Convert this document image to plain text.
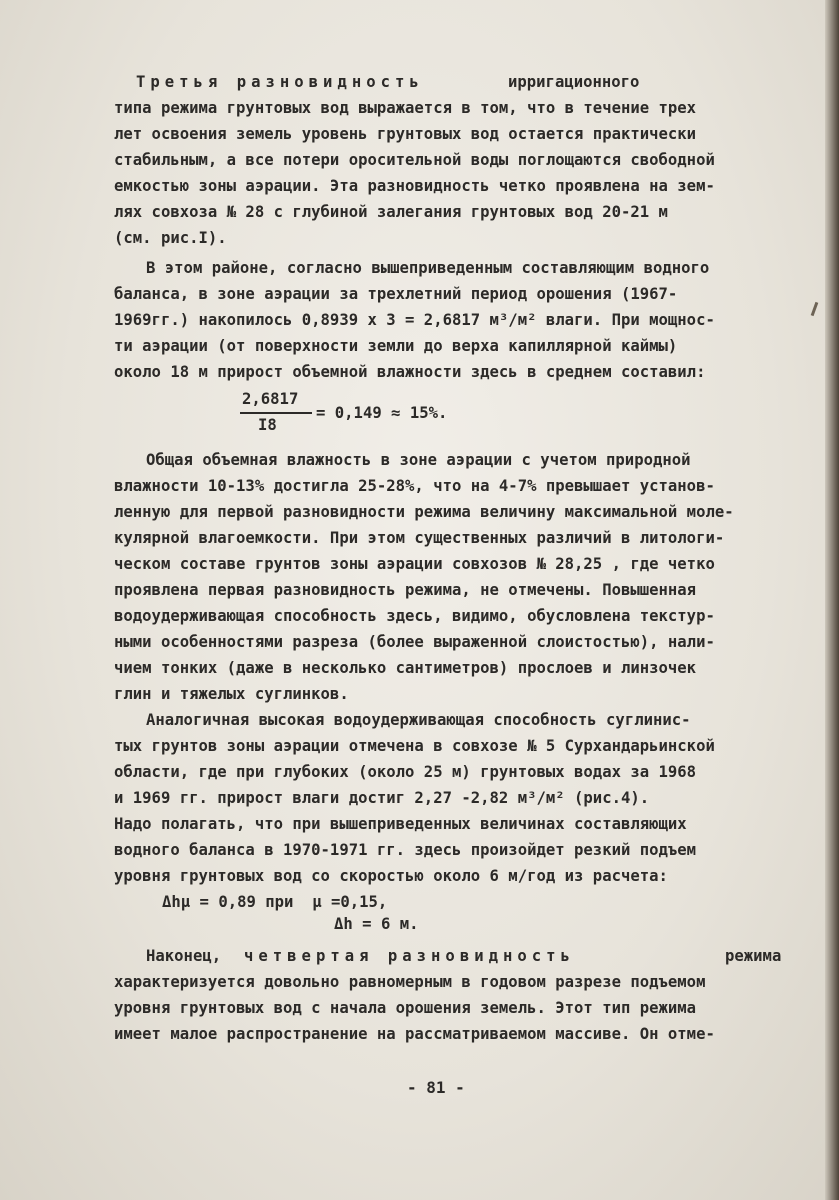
Третья разновидность	ирригационного
типа режима грунтовых вод выражается в том, что в течение трех
лет освоения земель уровень грунтовых вод остается практически
стабильным, а все потери оросительной воды поглощаются свободной
емкостью зоны аэрации. Эта разновидность четко проявлена на зем-
лях совхоза № 28 с глубиной залегания грунтовых вод 20-21 м
(см. рис.I).
В этом районе, согласно вышеприведенным составляющим водного
баланса, в зоне аэрации за трехлетний период орошения (1967-
1969гг.) накопилось 0,8939 х 3 = 2,6817 м³/м² влаги. При мощнос-
ти аэрации (от поверхности земли до верха капиллярной каймы)
около 18 м прирост объемной влажности здесь в среднем составил:
Общая объемная влажность в зоне аэрации с учетом природной
влажности 10-13% достигла 25-28%, что на 4-7% превышает установ-
ленную для первой разновидности режима величину максимальной моле-
кулярной влагоемкости. При этом существенных различий в литологи-
ческом составе грунтов зоны аэрации совхозов № 28,25 , где четко
проявлена первая разновидность режима, не отмечены. Повышенная
водоудерживающая способность здесь, видимо, обусловлена текстур-
ными особенностями разреза (более выраженной слоистостью), нали-
чием тонких (даже в несколько сантиметров) прослоев и линзочек
глин и тяжелых суглинков.
Аналогичная высокая водоудерживающая способность суглинис-
тых грунтов зоны аэрации отмечена в совхозе № 5 Сурхандарьинской
области, где при глубоких (около 25 м) грунтовых водах за 1968
и 1969 гг. прирост влаги достиг 2,27 -2,82 м³/м² (рис.4).
Надо полагать, что при вышеприведенных величинах составляющих
водного баланса в 1970-1971 гг. здесь произойдет резкий подъем
уровня грунтовых вод со скоростью около 6 м/год из расчета:
Δhμ = 0,89 при  μ =0,15,
Δh = 6 м.
Наконец, четвертая разновидность	режима
характеризуется довольно равномерным в годовом разрезе подъемом
уровня грунтовых вод с начала орошения земель. Этот тип режима
имеет малое распространение на рассматриваемом массиве. Он отме-
2,6817
I8
= 0,149 ≈ 15%.
- 81 -
